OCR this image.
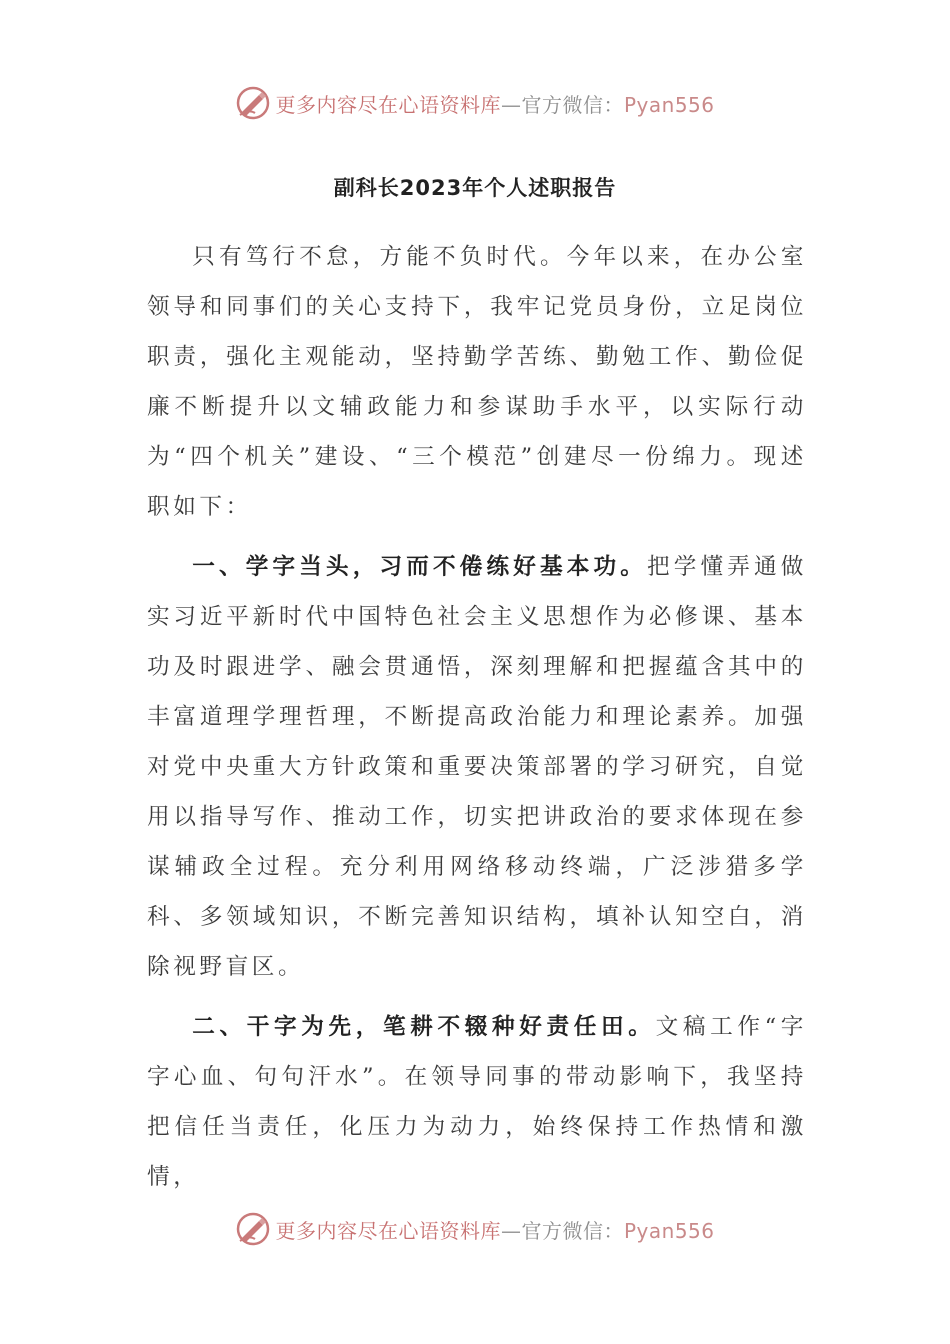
更多内容尽在心语资料库—官方微信：Pyan556
副科长2023年个人述职报告

只有笃行不怠，方能不负时代。今年以来，在办公室领导和同事们的关心支持下，我牢记党员身份，立足岗位职责，强化主观能动，坚持勤学苦练、勤勉工作、勤俭促廉不断提升以文辅政能力和参谋助手水平，以实际行动为“四个机关”建设、“三个模范”创建尽一份绵力。现述职如下：

一、学字当头，习而不倦练好基本功。把学懂弄通做实习近平新时代中国特色社会主义思想作为必修课、基本功及时跟进学、融会贯通悟，深刻理解和把握蕴含其中的丰富道理学理哲理，不断提高政治能力和理论素养。加强对党中央重大方针政策和重要决策部署的学习研究，自觉用以指导写作、推动工作，切实把讲政治的要求体现在参谋辅政全过程。充分利用网络移动终端，广泛涉猎多学科、多领域知识，不断完善知识结构，填补认知空白，消除视野盲区。

二、干字为先，笔耕不辍种好责任田。文稿工作“字字心血、句句汗水”。在领导同事的带动影响下，我坚持把信任当责任，化压力为动力，始终保持工作热情和激情，

更多内容尽在心语资料库—官方微信：Pyan556
